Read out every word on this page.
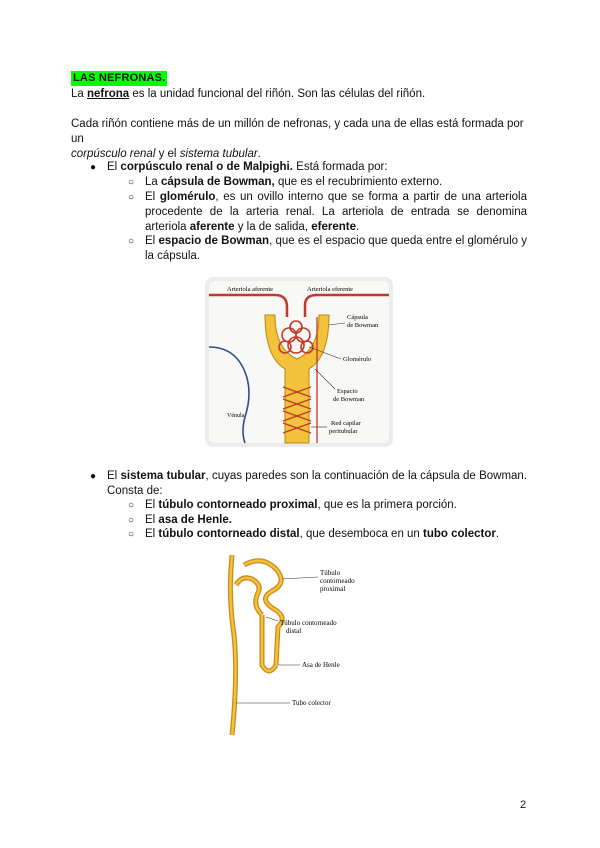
LAS NEFRONAS.
La nefrona es la unidad funcional del riñón. Son las células del riñón.
Cada riñón contiene más de un millón de nefronas, y cada una de ellas está formada por un
corpúsculo renal y el sistema tubular.
● El corpúsculo renal o de Malpighi. Está formada por:
○ La cápsula de Bowman, que es el recubrimiento externo.
○ El glomérulo, es un ovillo interno que se forma a partir de una arteriola procedente de la arteria renal. La arteriola de entrada se denomina arteriola aferente y la de salida, eferente.
○ El espacio de Bowman, que es el espacio que queda entre el glomérulo y la cápsula.
Arteriola aferente	Arteriola eferente
Cápsula
de Bowman
Glomérulo
Espacio
de Bowman
Red capilar
peritubular
Vénula
● El sistema tubular, cuyas paredes son la continuación de la cápsula de Bowman. Consta de:
○ El túbulo contorneado proximal, que es la primera porción.
○ El asa de Henle.
○ El túbulo contorneado distal, que desemboca en un tubo colector.
Túbulo
contorneado
proximal
Túbulo contorneado
distal
Asa de Henle
Tubo colector
2
